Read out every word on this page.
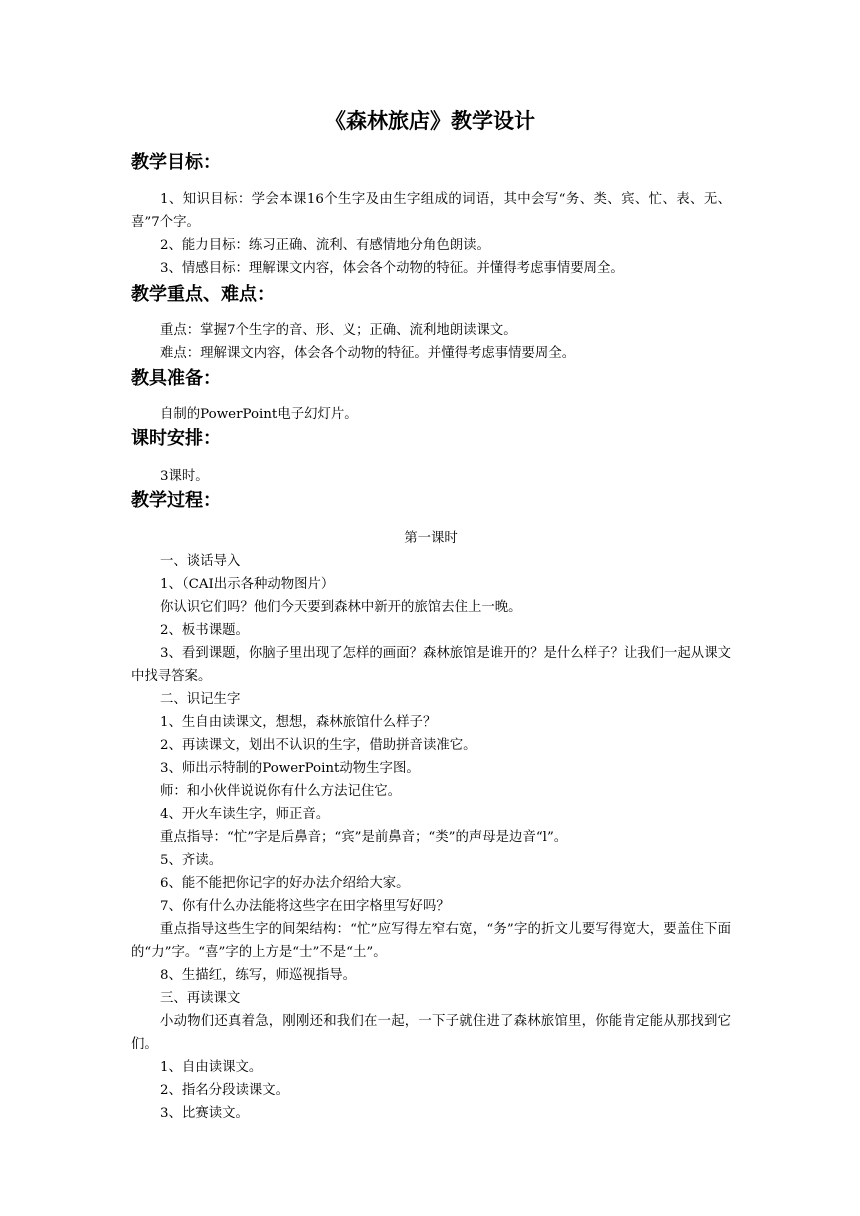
《森林旅店》教学设计
教学目标：
1、知识目标：学会本课16个生字及由生字组成的词语，其中会写“务、类、宾、忙、表、无、喜”7个字。
2、能力目标：练习正确、流利、有感情地分角色朗读。
3、情感目标：理解课文内容，体会各个动物的特征。并懂得考虑事情要周全。
教学重点、难点：
重点：掌握7个生字的音、形、义；正确、流利地朗读课文。
难点：理解课文内容，体会各个动物的特征。并懂得考虑事情要周全。
教具准备：
自制的PowerPoint电子幻灯片。
课时安排：
3课时。
教学过程：
第一课时
一、谈话导入
1、（CAI出示各种动物图片）
你认识它们吗？他们今天要到森林中新开的旅馆去住上一晚。
2、板书课题。
3、看到课题，你脑子里出现了怎样的画面？森林旅馆是谁开的？是什么样子？让我们一起从课文中找寻答案。
二、识记生字
1、生自由读课文，想想，森林旅馆什么样子？
2、再读课文，划出不认识的生字，借助拼音读准它。
3、师出示特制的PowerPoint动物生字图。
师：和小伙伴说说你有什么方法记住它。
4、开火车读生字，师正音。
重点指导：“忙”字是后鼻音；“宾”是前鼻音；“类”的声母是边音“l”。
5、齐读。
6、能不能把你记字的好办法介绍给大家。
7、你有什么办法能将这些字在田字格里写好吗？
重点指导这些生字的间架结构：“忙”应写得左窄右宽，“务”字的折文儿要写得宽大，要盖住下面的“力”字。“喜”字的上方是“士”不是“土”。
8、生描红，练写，师巡视指导。
三、再读课文
小动物们还真着急，刚刚还和我们在一起，一下子就住进了森林旅馆里，你能肯定能从那找到它们。
1、自由读课文。
2、指名分段读课文。
3、比赛读文。
